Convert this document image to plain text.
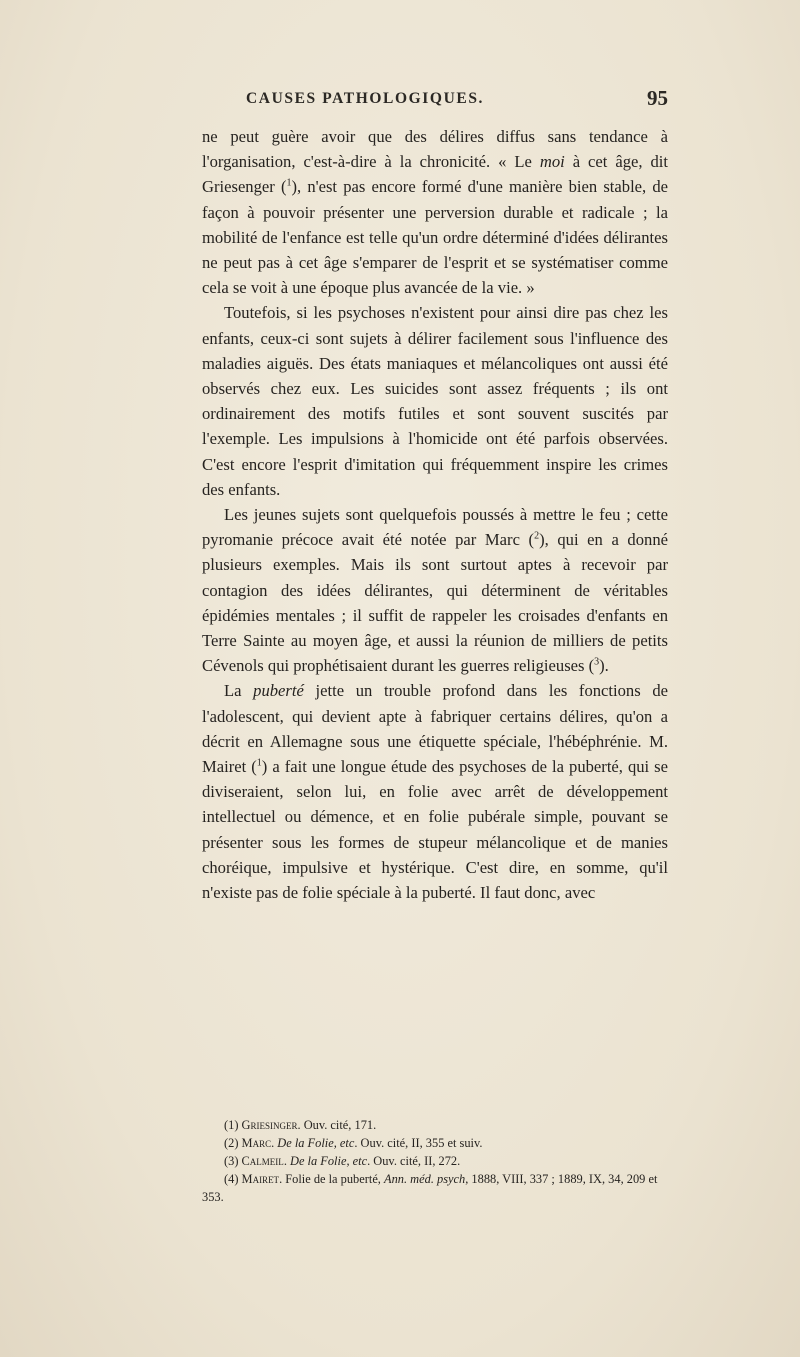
CAUSES PATHOLOGIQUES.	95

ne peut guère avoir que des délires diffus sans tendance à l'organisation, c'est-à-dire à la chronicité. « Le moi à cet âge, dit Griesenger ($^1$), n'est pas encore formé d'une manière bien stable, de façon à pouvoir présenter une perversion durable et radicale ; la mobilité de l'enfance est telle qu'un ordre déterminé d'idées délirantes ne peut pas à cet âge s'emparer de l'esprit et se systématiser comme cela se voit à une époque plus avancée de la vie. »

Toutefois, si les psychoses n'existent pour ainsi dire pas chez les enfants, ceux-ci sont sujets à délirer facilement sous l'influence des maladies aiguës. Des états maniaques et mélancoliques ont aussi été observés chez eux. Les suicides sont assez fréquents ; ils ont ordinairement des motifs futiles et sont souvent suscités par l'exemple. Les impulsions à l'homicide ont été parfois observées. C'est encore l'esprit d'imitation qui fréquemment inspire les crimes des enfants.

Les jeunes sujets sont quelquefois poussés à mettre le feu ; cette pyromanie précoce avait été notée par Marc ($^2$), qui en a donné plusieurs exemples. Mais ils sont surtout aptes à recevoir par contagion des idées délirantes, qui déterminent de véritables épidémies mentales ; il suffit de rappeler les croisades d'enfants en Terre Sainte au moyen âge, et aussi la réunion de milliers de petits Cévenols qui prophétisaient durant les guerres religieuses ($^3$).

La puberté jette un trouble profond dans les fonctions de l'adolescent, qui devient apte à fabriquer certains délires, qu'on a décrit en Allemagne sous une étiquette spéciale, l'hébéphrénie. M. Mairet ($^1$) a fait une longue étude des psychoses de la puberté, qui se diviseraient, selon lui, en folie avec arrêt de développement intellectuel ou démence, et en folie pubérale simple, pouvant se présenter sous les formes de stupeur mélancolique et de manies choréique, impulsive et hystérique. C'est dire, en somme, qu'il n'existe pas de folie spéciale à la puberté. Il faut donc, avec

(1) Griesinger. Ouv. cité, 171.

(2) Marc. De la Folie, etc. Ouv. cité, II, 355 et suiv.

(3) Calmeil. De la Folie, etc. Ouv. cité, II, 272.

(4) Mairet. Folie de la puberté, Ann. méd. psych, 1888, VIII, 337 ; 1889, IX, 34, 209 et 353.
